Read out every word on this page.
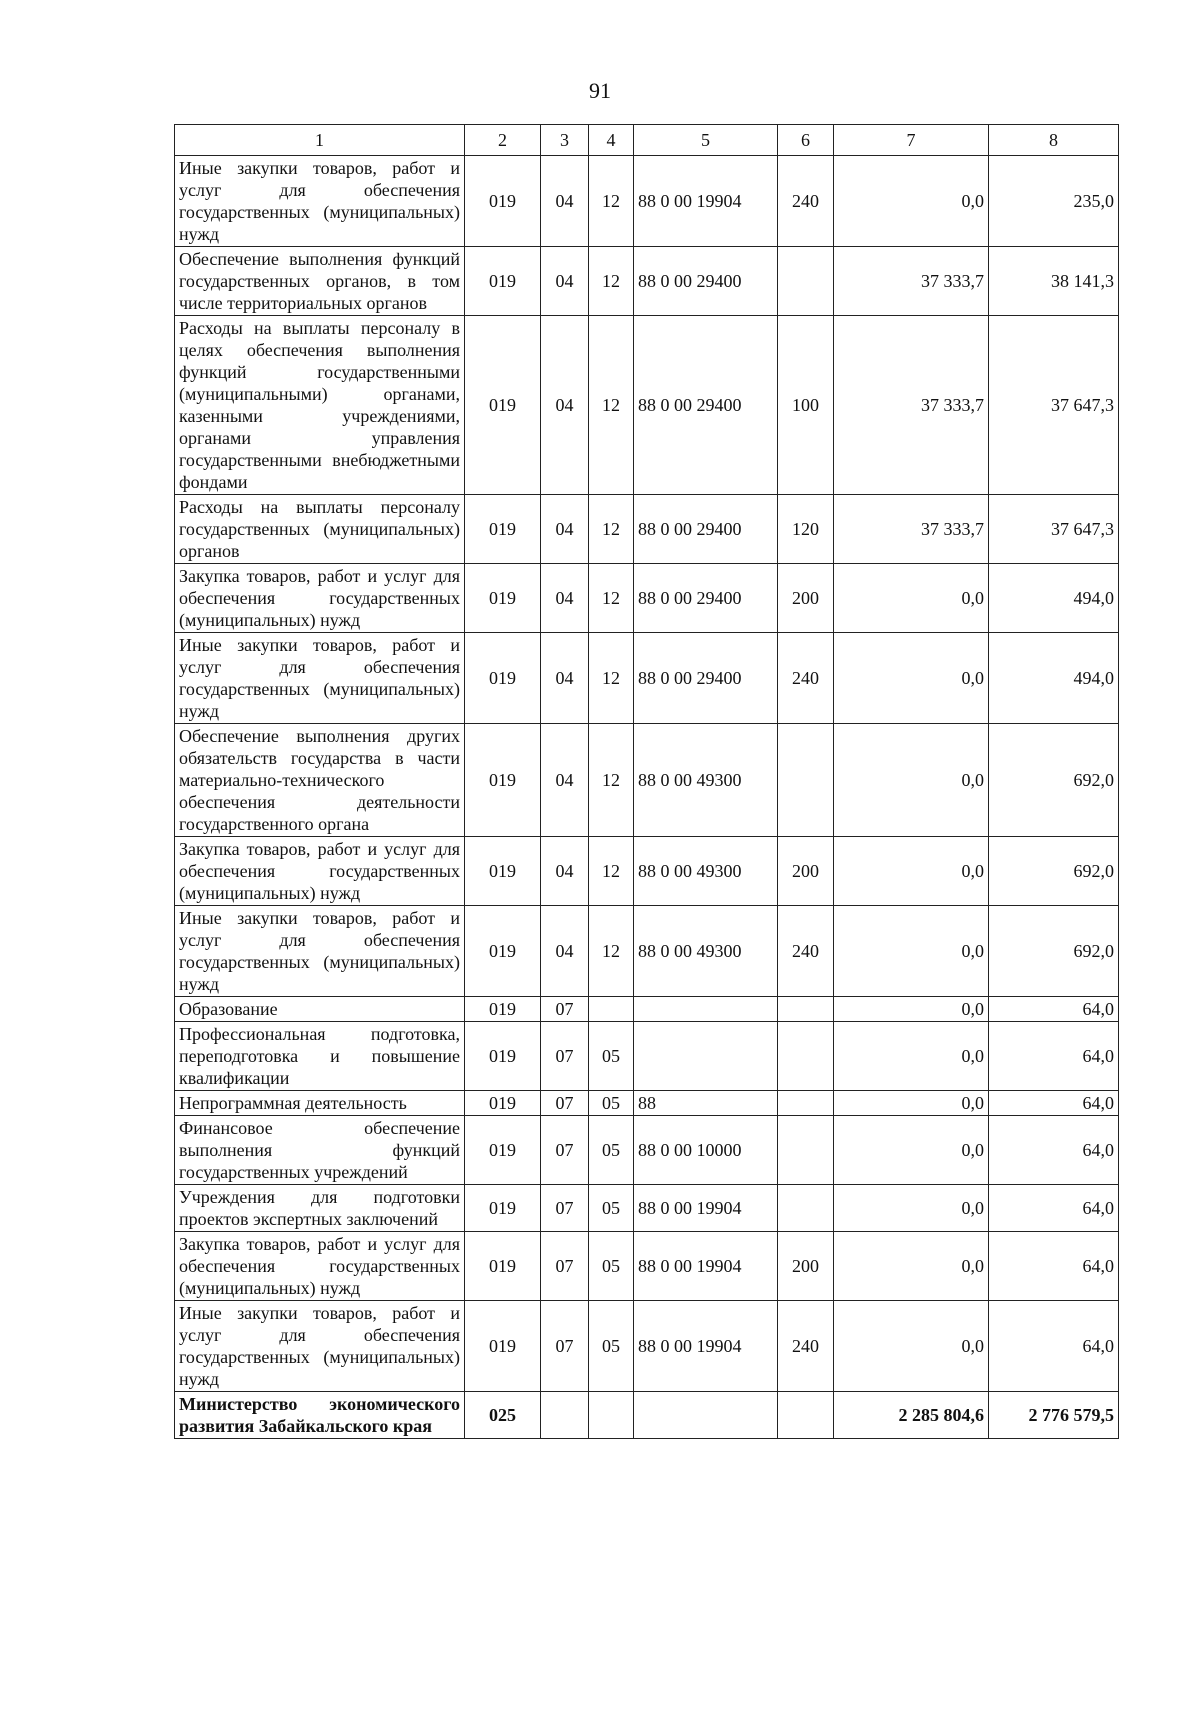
91
1	2	3	4	5	6	7	8
Иные закупки товаров, работ и услуг для обеспечения государственных (муниципальных) нужд	019	04	12	88 0 00 19904	240	0,0	235,0
Обеспечение выполнения функций государственных органов, в том числе территориальных органов	019	04	12	88 0 00 29400		37 333,7	38 141,3
Расходы на выплаты персоналу в целях обеспечения выполнения функций государственными (муниципальными) органами, казенными учреждениями, органами управления государственными внебюджетными фондами	019	04	12	88 0 00 29400	100	37 333,7	37 647,3
Расходы на выплаты персоналу государственных (муниципальных) органов	019	04	12	88 0 00 29400	120	37 333,7	37 647,3
Закупка товаров, работ и услуг для обеспечения государственных (муниципальных) нужд	019	04	12	88 0 00 29400	200	0,0	494,0
Иные закупки товаров, работ и услуг для обеспечения государственных (муниципальных) нужд	019	04	12	88 0 00 29400	240	0,0	494,0
Обеспечение выполнения других обязательств государства в части материально-технического обеспечения деятельности государственного органа	019	04	12	88 0 00 49300		0,0	692,0
Закупка товаров, работ и услуг для обеспечения государственных (муниципальных) нужд	019	04	12	88 0 00 49300	200	0,0	692,0
Иные закупки товаров, работ и услуг для обеспечения государственных (муниципальных) нужд	019	04	12	88 0 00 49300	240	0,0	692,0
Образование	019	07				0,0	64,0
Профессиональная подготовка, переподготовка и повышение квалификации	019	07	05			0,0	64,0
Непрограммная деятельность	019	07	05	88		0,0	64,0
Финансовое обеспечение выполнения функций государственных учреждений	019	07	05	88 0 00 10000		0,0	64,0
Учреждения для подготовки проектов экспертных заключений	019	07	05	88 0 00 19904		0,0	64,0
Закупка товаров, работ и услуг для обеспечения государственных (муниципальных) нужд	019	07	05	88 0 00 19904	200	0,0	64,0
Иные закупки товаров, работ и услуг для обеспечения государственных (муниципальных) нужд	019	07	05	88 0 00 19904	240	0,0	64,0
Министерство экономического развития Забайкальского края	025					2 285 804,6	2 776 579,5
